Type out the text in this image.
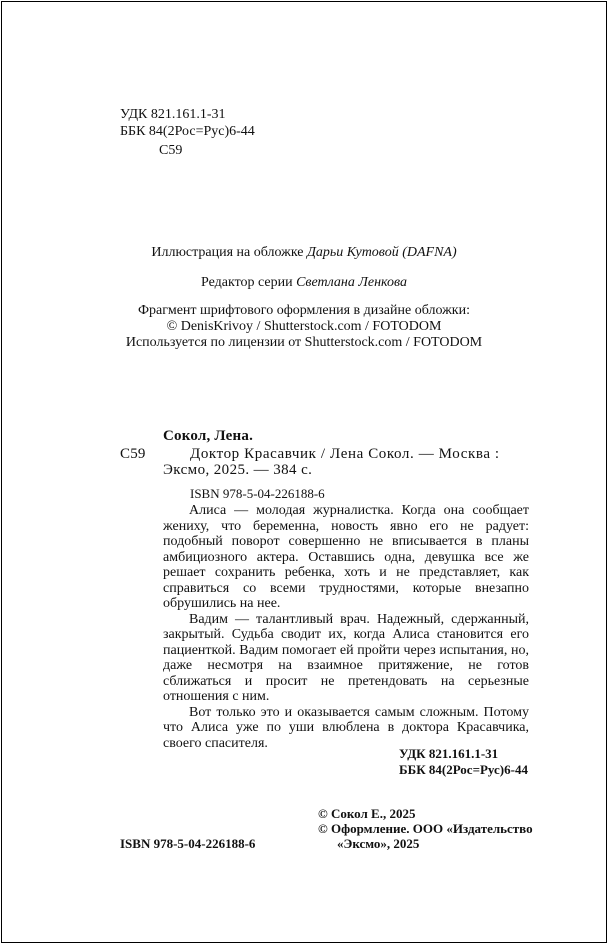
УДК 821.161.1-31
ББК 84(2Рос=Рус)6-44
С59
Иллюстрация на обложке Дарьи Кутовой (DAFNA)
Редактор серии Светлана Ленкова
Фрагмент шрифтового оформления в дизайне обложки:
© DenisKrivoy / Shutterstock.com / FOTODOM
Используется по лицензии от Shutterstock.com / FOTODOM
Сокол, Лена.
С59	Доктор Красавчик / Лена Сокол. — Москва :
Эксмо, 2025. — 384 с.
ISBN 978-5-04-226188-6

Алиса — молодая журналистка. Когда она сообщает жениху, что беременна, новость явно его не радует: подобный поворот совершенно не вписывается в планы амбициозного актера. Оставшись одна, девушка все же решает сохранить ребенка, хоть и не представляет, как справиться со всеми трудностями, которые внезапно обрушились на нее.

Вадим — талантливый врач. Надежный, сдержанный, закрытый. Судьба сводит их, когда Алиса становится его пациенткой. Вадим помогает ей пройти через испытания, но, даже несмотря на взаимное притяжение, не готов сближаться и просит не претендовать на серьезные отношения с ним.

Вот только это и оказывается самым сложным. Потому что Алиса уже по уши влюблена в доктора Красавчика, своего спасителя.

УДК 821.161.1-31
ББК 84(2Рос=Рус)6-44
ISBN 978-5-04-226188-6
© Сокол Е., 2025
© Оформление. ООО «Издательство
«Эксмо», 2025
